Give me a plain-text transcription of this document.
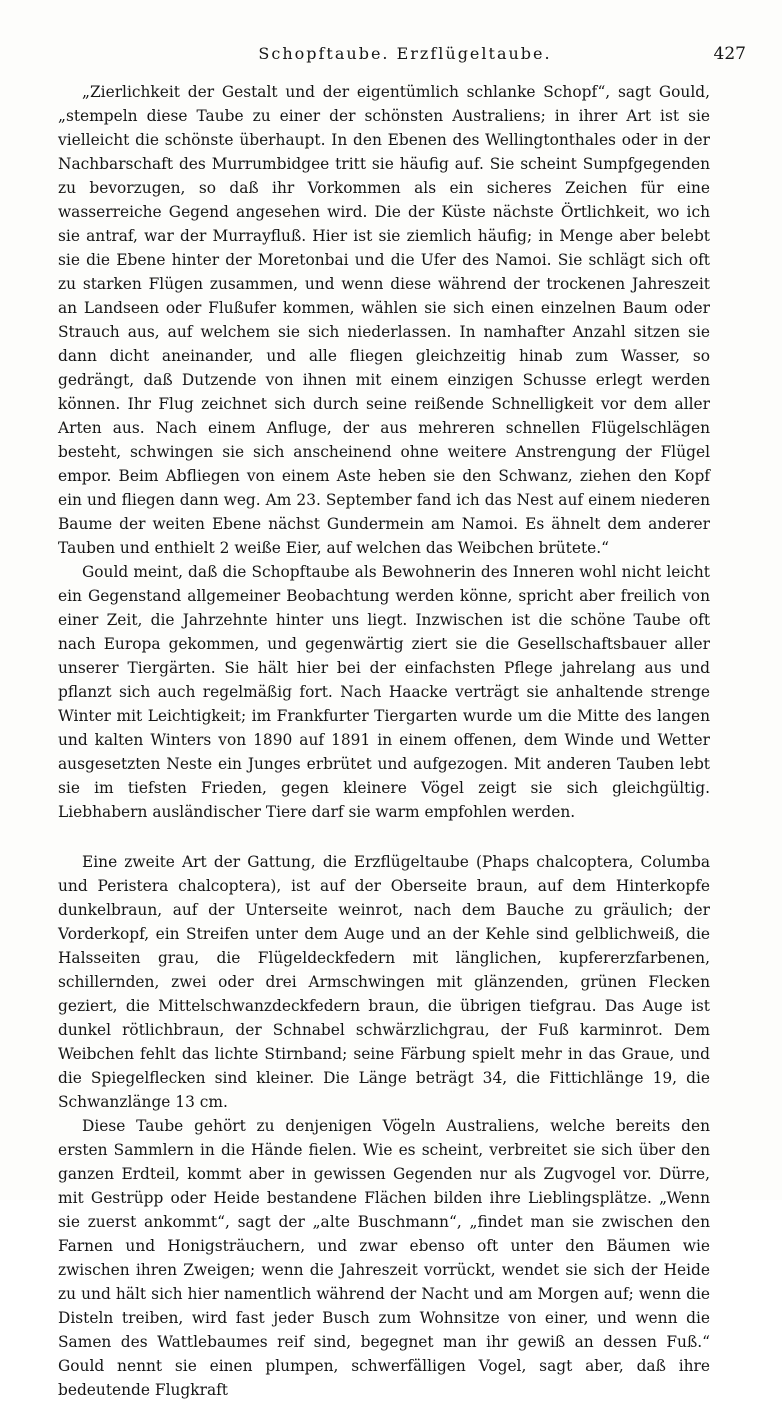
Schopftaube. Erzflügeltaube.	427

„Zierlichkeit der Gestalt und der eigentümlich schlanke Schopf“, sagt Gould, „stempeln diese Taube zu einer der schönsten Australiens; in ihrer Art ist sie vielleicht die schönste überhaupt. In den Ebenen des Wellingtonthales oder in der Nachbarschaft des Murrumbidgee tritt sie häufig auf. Sie scheint Sumpfgegenden zu bevorzugen, so daß ihr Vorkommen als ein sicheres Zeichen für eine wasserreiche Gegend angesehen wird. Die der Küste nächste Örtlichkeit, wo ich sie antraf, war der Murrayfluß. Hier ist sie ziemlich häufig; in Menge aber belebt sie die Ebene hinter der Moretonbai und die Ufer des Namoi. Sie schlägt sich oft zu starken Flügen zusammen, und wenn diese während der trockenen Jahreszeit an Landseen oder Flußufer kommen, wählen sie sich einen einzelnen Baum oder Strauch aus, auf welchem sie sich niederlassen. In namhafter Anzahl sitzen sie dann dicht aneinander, und alle fliegen gleichzeitig hinab zum Wasser, so gedrängt, daß Dutzende von ihnen mit einem einzigen Schusse erlegt werden können. Ihr Flug zeichnet sich durch seine reißende Schnelligkeit vor dem aller Arten aus. Nach einem Anfluge, der aus mehreren schnellen Flügelschlägen besteht, schwingen sie sich anscheinend ohne weitere Anstrengung der Flügel empor. Beim Abfliegen von einem Aste heben sie den Schwanz, ziehen den Kopf ein und fliegen dann weg. Am 23. September fand ich das Nest auf einem niederen Baume der weiten Ebene nächst Gundermein am Namoi. Es ähnelt dem anderer Tauben und enthielt 2 weiße Eier, auf welchen das Weibchen brütete.“

Gould meint, daß die Schopftaube als Bewohnerin des Inneren wohl nicht leicht ein Gegenstand allgemeiner Beobachtung werden könne, spricht aber freilich von einer Zeit, die Jahrzehnte hinter uns liegt. Inzwischen ist die schöne Taube oft nach Europa gekommen, und gegenwärtig ziert sie die Gesellschaftsbauer aller unserer Tiergärten. Sie hält hier bei der einfachsten Pflege jahrelang aus und pflanzt sich auch regelmäßig fort. Nach Haacke verträgt sie anhaltende strenge Winter mit Leichtigkeit; im Frankfurter Tiergarten wurde um die Mitte des langen und kalten Winters von 1890 auf 1891 in einem offenen, dem Winde und Wetter ausgesetzten Neste ein Junges erbrütet und aufgezogen. Mit anderen Tauben lebt sie im tiefsten Frieden, gegen kleinere Vögel zeigt sie sich gleichgültig. Liebhabern ausländischer Tiere darf sie warm empfohlen werden.

Eine zweite Art der Gattung, die Erzflügeltaube (Phaps chalcoptera, Columba und Peristera chalcoptera), ist auf der Oberseite braun, auf dem Hinterkopfe dunkelbraun, auf der Unterseite weinrot, nach dem Bauche zu gräulich; der Vorderkopf, ein Streifen unter dem Auge und an der Kehle sind gelblichweiß, die Halsseiten grau, die Flügeldeckfedern mit länglichen, kupfererzfarbenen, schillernden, zwei oder drei Armschwingen mit glänzenden, grünen Flecken geziert, die Mittelschwanzdeckfedern braun, die übrigen tiefgrau. Das Auge ist dunkel rötlichbraun, der Schnabel schwärzlichgrau, der Fuß karminrot. Dem Weibchen fehlt das lichte Stirnband; seine Färbung spielt mehr in das Graue, und die Spiegelflecken sind kleiner. Die Länge beträgt 34, die Fittichlänge 19, die Schwanzlänge 13 cm.

Diese Taube gehört zu denjenigen Vögeln Australiens, welche bereits den ersten Sammlern in die Hände fielen. Wie es scheint, verbreitet sie sich über den ganzen Erdteil, kommt aber in gewissen Gegenden nur als Zugvogel vor. Dürre, mit Gestrüpp oder Heide bestandene Flächen bilden ihre Lieblingsplätze. „Wenn sie zuerst ankommt“, sagt der „alte Buschmann“, „findet man sie zwischen den Farnen und Honigsträuchern, und zwar ebenso oft unter den Bäumen wie zwischen ihren Zweigen; wenn die Jahreszeit vorrückt, wendet sie sich der Heide zu und hält sich hier namentlich während der Nacht und am Morgen auf; wenn die Disteln treiben, wird fast jeder Busch zum Wohnsitze von einer, und wenn die Samen des Wattlebaumes reif sind, begegnet man ihr gewiß an dessen Fuß.“ Gould nennt sie einen plumpen, schwerfälligen Vogel, sagt aber, daß ihre bedeutende Flugkraft
